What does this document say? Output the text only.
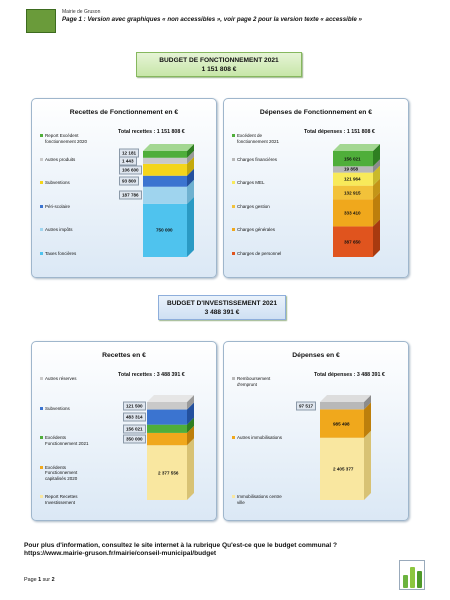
Mairie de Gruson
Page 1 : Version avec graphiques « non accessibles », voir page 2 pour la version texte « accessible »
BUDGET DE FONCTIONNEMENT 2021
1 151 808 €
Recettes de Fonctionnement en €
Total recettes : 1 151 808 €
Report Excédent fonctionnement 2020
Autres produits
Subventions
Péri-scolaire
Autres impôts
Taxes foncières
750 000
187 786
93 800
106 600
1 443
12 181
Dépenses de Fonctionnement en €
Total dépenses : 1 151 808 €
Excédent de fonctionnement 2021
Charges financières
Charges MEL
Charges gestion
Charges générales
Charges de personnel
387 650
333 410
132 915
121 964
19 858
156 021
BUDGET D'INVESTISSEMENT 2021
3 488 391 €
Recettes en €
Total recettes : 3 488 391 €
Autres réserves
Subventions
Excédents Fonctionnement 2021
Excédents Fonctionnement capitalisés 2020
Report Recettes Investissement
2 377 556
350 000
156 021
483 314
121 500
Dépenses en €
Total dépenses : 3 488 391 €
Remboursement d'emprunt
Autres immobilisations
Immobilisations centre ville
2 405 377
985 498
97 517
Pour plus d'information, consultez le site internet à la rubrique Qu'est-ce que le budget communal ?
https://www.mairie-gruson.fr/mairie/conseil-municipal/budget
Page 1 sur 2
